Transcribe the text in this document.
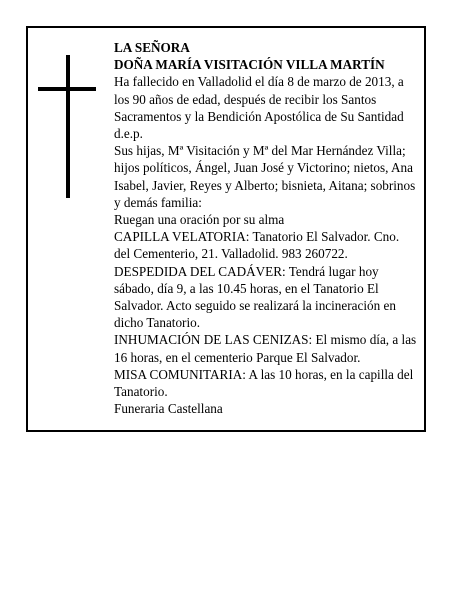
LA SEÑORA

DOÑA MARÍA VISITACIÓN VILLA MARTÍN

Ha fallecido en Valladolid el día 8 de marzo de 2013, a los 90 años de edad, después de recibir los Santos Sacramentos y la Bendición Apostólica de Su Santidad d.e.p.

Sus hijas, Mª Visitación y Mª del Mar Hernández Villa; hijos políticos, Ángel, Juan José y Victorino; nietos, Ana Isabel, Javier, Reyes y Alberto; bisnieta, Aitana; sobrinos y demás familia:

Ruegan una oración por su alma

CAPILLA VELATORIA: Tanatorio El Salvador. Cno. del Cementerio, 21. Valladolid. 983 260722.

DESPEDIDA DEL CADÁVER: Tendrá lugar hoy sábado, día 9, a las 10.45 horas, en el Tanatorio El Salvador. Acto seguido se realizará la incineración en dicho Tanatorio.

INHUMACIÓN DE LAS CENIZAS: El mismo día, a las 16 horas, en el cementerio Parque El Salvador.

MISA COMUNITARIA: A las 10 horas, en la capilla del Tanatorio.

Funeraria Castellana
